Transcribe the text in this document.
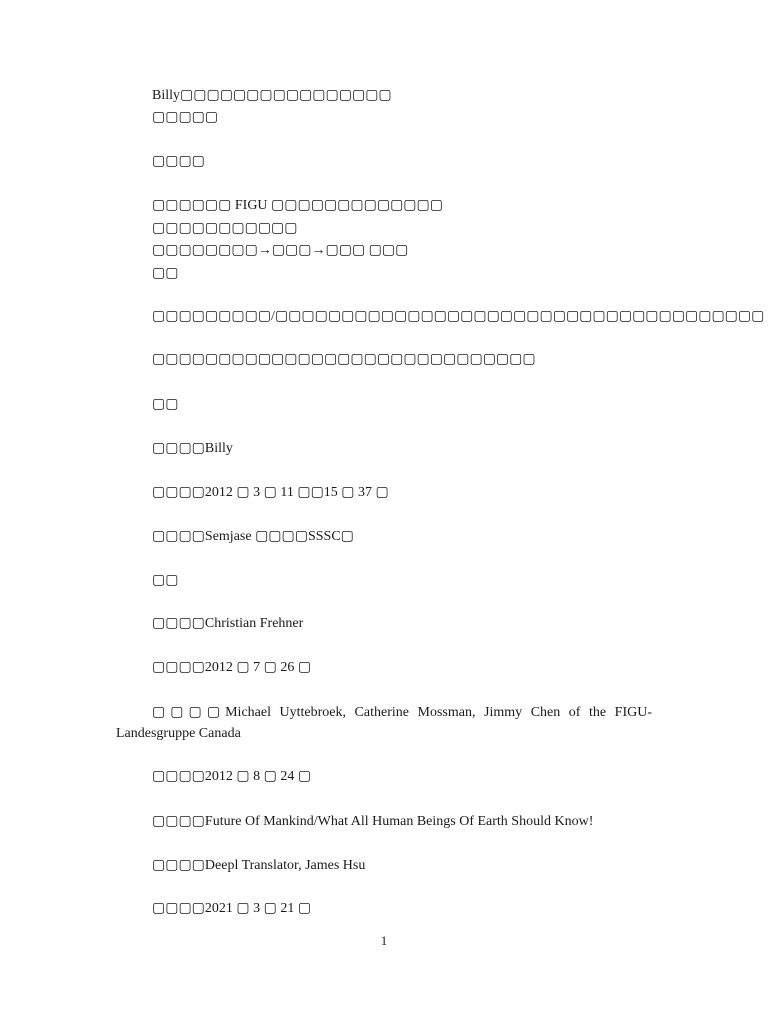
Billy▢▢▢▢▢▢▢▢▢▢▢▢▢▢▢▢

▢▢▢▢▢

▢▢▢▢

▢▢▢▢▢▢ FIGU ▢▢▢▢▢▢▢▢▢▢▢▢▢

▢▢▢▢▢▢▢▢▢▢▢

▢▢▢▢▢▢▢▢→▢▢▢→▢▢▢ ▢▢▢

▢▢

▢▢▢▢▢▢▢▢▢/▢▢▢▢▢▢▢▢▢▢▢▢▢▢▢▢▢▢▢▢▢▢▢▢▢▢▢▢▢▢▢▢▢▢▢▢▢

▢▢▢▢▢▢▢▢▢▢▢▢▢▢▢▢▢▢▢▢▢▢▢▢▢▢▢▢▢

▢▢

▢▢▢▢Billy

▢▢▢▢2012 ▢ 3 ▢ 11 ▢▢15 ▢ 37 ▢

▢▢▢▢Semjase ▢▢▢▢SSSC▢

▢▢

▢▢▢▢Christian Frehner

▢▢▢▢2012 ▢ 7 ▢ 26 ▢

▢▢▢▢Michael Uyttebroek, Catherine Mossman, Jimmy Chen of the FIGU-Landesgruppe Canada

▢▢▢▢2012 ▢ 8 ▢ 24 ▢

▢▢▢▢Future Of Mankind/What All Human Beings Of Earth Should Know!

▢▢▢▢Deepl Translator, James Hsu

▢▢▢▢2021 ▢ 3 ▢ 21 ▢

1
